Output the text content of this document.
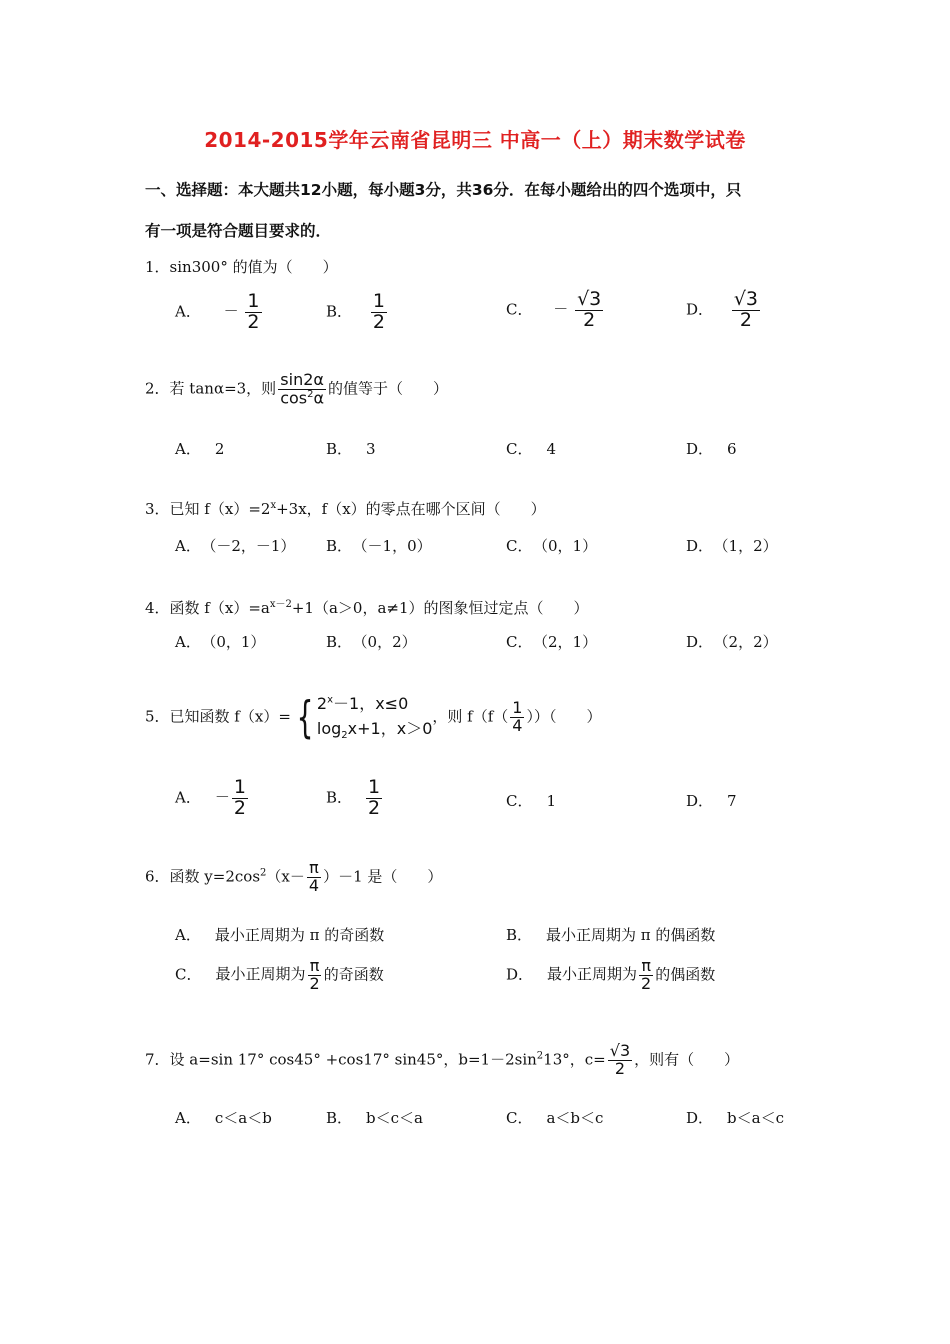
2014-2015学年云南省昆明三 中高一（上）期末数学试卷
一、选择题：本大题共12小题，每小题3分，共36分．在每小题给出的四个选项中，只
有一项是符合题目要求的．
1．sin300° 的值为（　　）
A． － $\frac{1}{2}$	B． $\frac{1}{2}$	C． － $\frac{√3}{2}$	D． $\frac{√3}{2}$
2．若 tanα=3，则 $\frac{\sin 2\alpha}{\cos^2\alpha}$ 的值等于（　　）
A． 2	B． 3	C． 4	D． 6
3．已知 $f(x)=2^x+3x$，f（x）的零点在哪个区间（　　）
A． （－2，－1） B． （－1，0）	C． （0，1）	D． （1，2）
4．函数 $f(x)=a^{x-2}+1(a>0$，a≠1）的图象恒过定点（　　）
A． （0，1）	B． （0，2）	C． （2，1）	D． （2，2）
5．已知函数 f（x）= { $2^x-1$，x≤0
$\log_2x+1$，x＞0
，则 $f(f( \frac{1}{4}$ ））（　　）
A． － $\frac{1}{2}$	B． $\frac{1}{2}$	C． 1	D． 7
6．函数 $y=2\cos^2(x- \frac{\pi}{4} )-1$ 是（　　）
A． 最小正周期为 π 的奇函数	B． 最小正周期为 π 的偶函数
C． 最小正周期为 $\frac{\pi}{2}$ 的奇函数	D． 最小正周期为 $\frac{\pi}{2}$ 的偶函数
7．设 a=sin 17° cos45° +cos17° sin45°，$b=1-2\sin^213^\circ$，$c= \frac{√3}{2}$ ，则有（　　）
A． c＜a＜b	B． b＜c＜a	C． a＜b＜c	D． b＜a＜c
